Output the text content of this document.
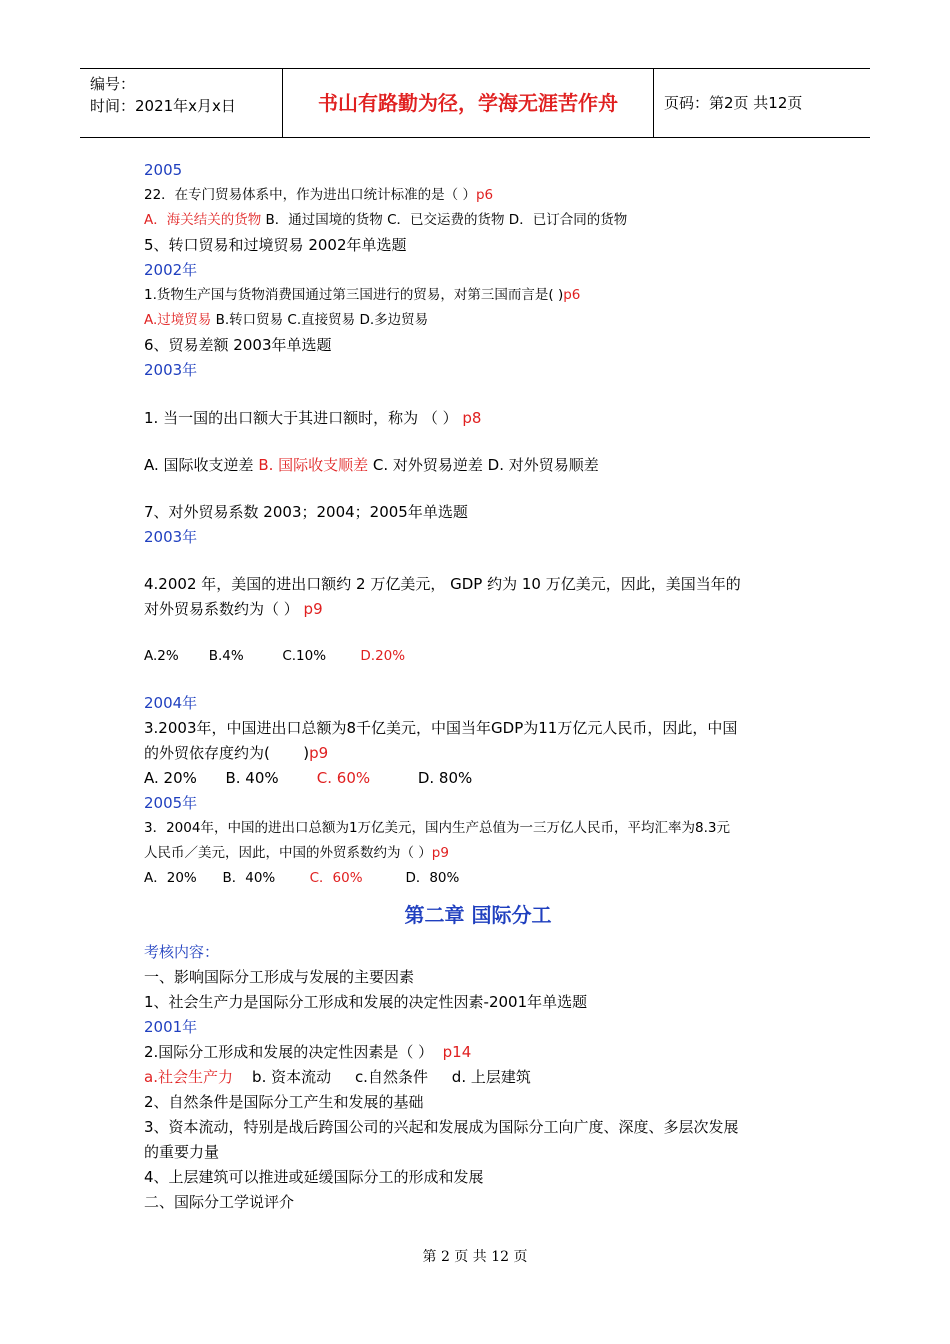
编号：
时间：2021年x月x日	书山有路勤为径，学海无涯苦作舟	页码：第2页 共12页
2005
22．在专门贸易体系中，作为进出口统计标准的是（ ）p6
A．海关结关的货物 B．通过国境的货物 C．已交运费的货物 D．已订合同的货物
5、转口贸易和过境贸易 2002年单选题
2002年
1.货物生产国与货物消费国通过第三国进行的贸易，对第三国而言是( )p6
A.过境贸易 B.转口贸易 C.直接贸易 D.多边贸易
6、贸易差额 2003年单选题
2003年
1. 当一国的出口额大于其进口额时，称为 （ ） p8
A. 国际收支逆差 B. 国际收支顺差 C. 对外贸易逆差 D. 对外贸易顺差
7、对外贸易系数 2003；2004；2005年单选题
2003年
4.2002 年，美国的进出口额约 2 万亿美元， GDP 约为 10 万亿美元，因此，美国当年的
对外贸易系数约为（ ） p9
A.2%       B.4%         C.10%        D.20%
2004年
3.2003年，中国进出口总额为8千亿美元，中国当年GDP为11万亿元人民币，因此，中国
的外贸依存度约为(       )p9
A. 20%      B. 40%        C. 60%          D. 80%
2005年
3．2004年，中国的进出口总额为1万亿美元，国内生产总值为一三万亿人民币，平均汇率为8.3元
人民币／美元，因此，中国的外贸系数约为（ ）p9
A．20%      B．40%        C．60%          D．80%
第二章 国际分工
考核内容：
一、影响国际分工形成与发展的主要因素
1、社会生产力是国际分工形成和发展的决定性因素-2001年单选题
2001年
2.国际分工形成和发展的决定性因素是（ ）  p14
a.社会生产力    b. 资本流动     c.自然条件     d. 上层建筑
2、自然条件是国际分工产生和发展的基础
3、资本流动，特别是战后跨国公司的兴起和发展成为国际分工向广度、深度、多层次发展
的重要力量
4、上层建筑可以推进或延缓国际分工的形成和发展
二、国际分工学说评介
第 2 页 共 12 页
